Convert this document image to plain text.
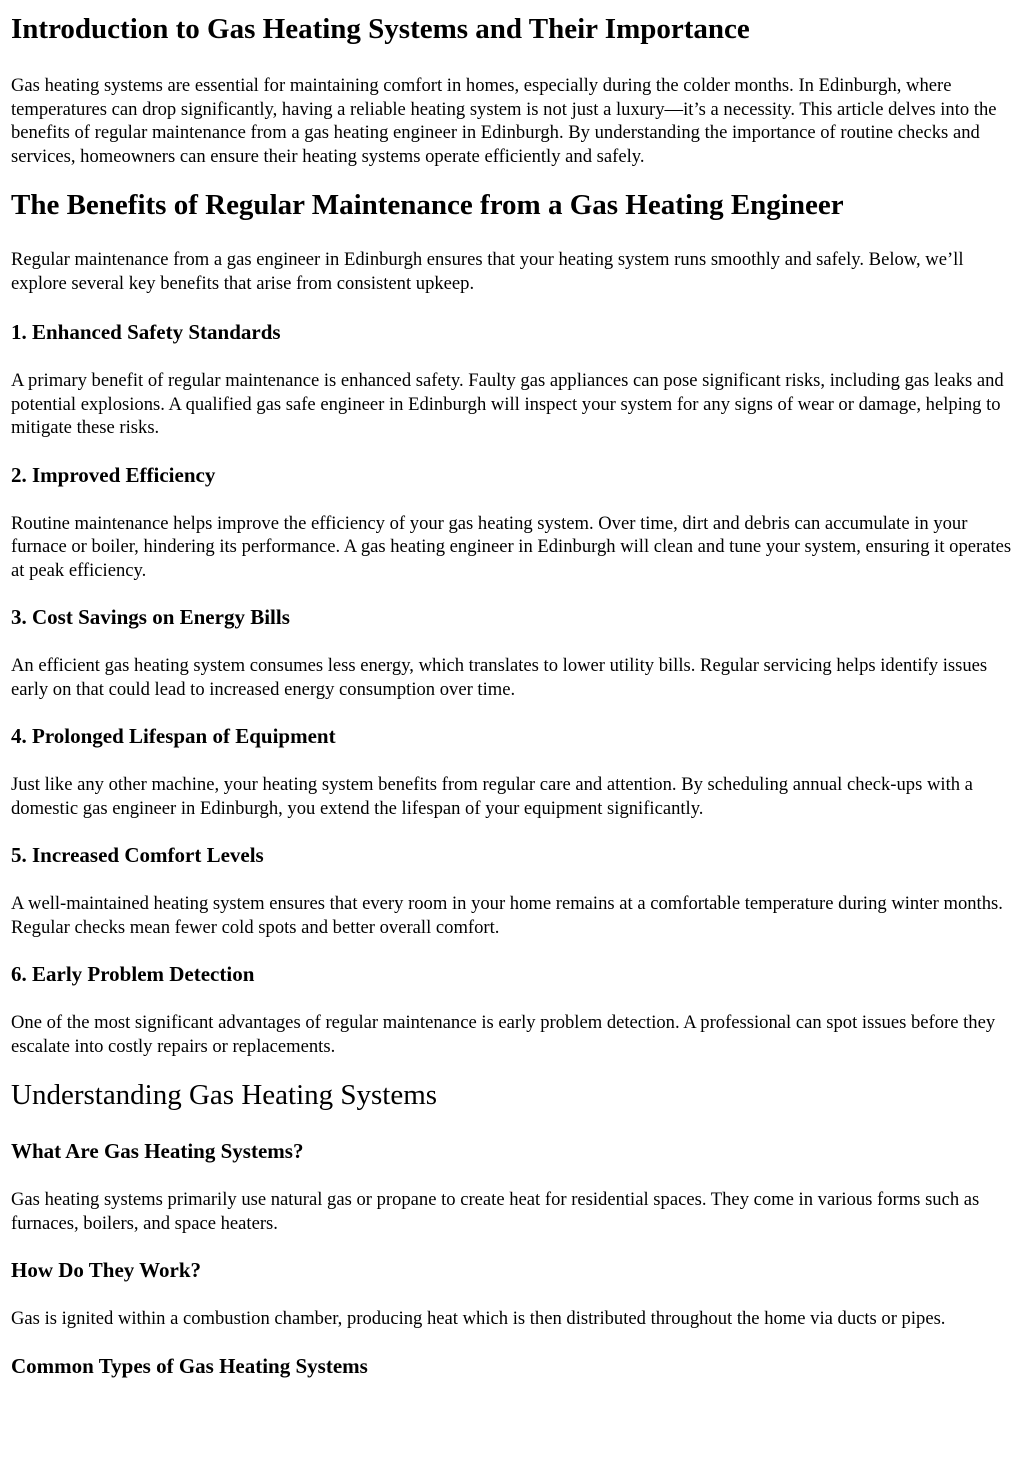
Introduction to Gas Heating Systems and Their Importance

Gas heating systems are essential for maintaining comfort in homes, especially during the colder months. In Edinburgh, where temperatures can drop significantly, having a reliable heating system is not just a luxury—it’s a necessity. This article delves into the benefits of regular maintenance from a gas heating engineer in Edinburgh. By understanding the importance of routine checks and services, homeowners can ensure their heating systems operate efficiently and safely.

The Benefits of Regular Maintenance from a Gas Heating Engineer

Regular maintenance from a gas engineer in Edinburgh ensures that your heating system runs smoothly and safely. Below, we’ll explore several key benefits that arise from consistent upkeep.

1. Enhanced Safety Standards

A primary benefit of regular maintenance is enhanced safety. Faulty gas appliances can pose significant risks, including gas leaks and potential explosions. A qualified gas safe engineer in Edinburgh will inspect your system for any signs of wear or damage, helping to mitigate these risks.

2. Improved Efficiency

Routine maintenance helps improve the efficiency of your gas heating system. Over time, dirt and debris can accumulate in your furnace or boiler, hindering its performance. A gas heating engineer in Edinburgh will clean and tune your system, ensuring it operates at peak efficiency.

3. Cost Savings on Energy Bills

An efficient gas heating system consumes less energy, which translates to lower utility bills. Regular servicing helps identify issues early on that could lead to increased energy consumption over time.

4. Prolonged Lifespan of Equipment

Just like any other machine, your heating system benefits from regular care and attention. By scheduling annual check-ups with a domestic gas engineer in Edinburgh, you extend the lifespan of your equipment significantly.

5. Increased Comfort Levels

A well-maintained heating system ensures that every room in your home remains at a comfortable temperature during winter months. Regular checks mean fewer cold spots and better overall comfort.

6. Early Problem Detection

One of the most significant advantages of regular maintenance is early problem detection. A professional can spot issues before they escalate into costly repairs or replacements.

Understanding Gas Heating Systems
What Are Gas Heating Systems?

Gas heating systems primarily use natural gas or propane to create heat for residential spaces. They come in various forms such as furnaces, boilers, and space heaters.

How Do They Work?

Gas is ignited within a combustion chamber, producing heat which is then distributed throughout the home via ducts or pipes.

Common Types of Gas Heating Systems
